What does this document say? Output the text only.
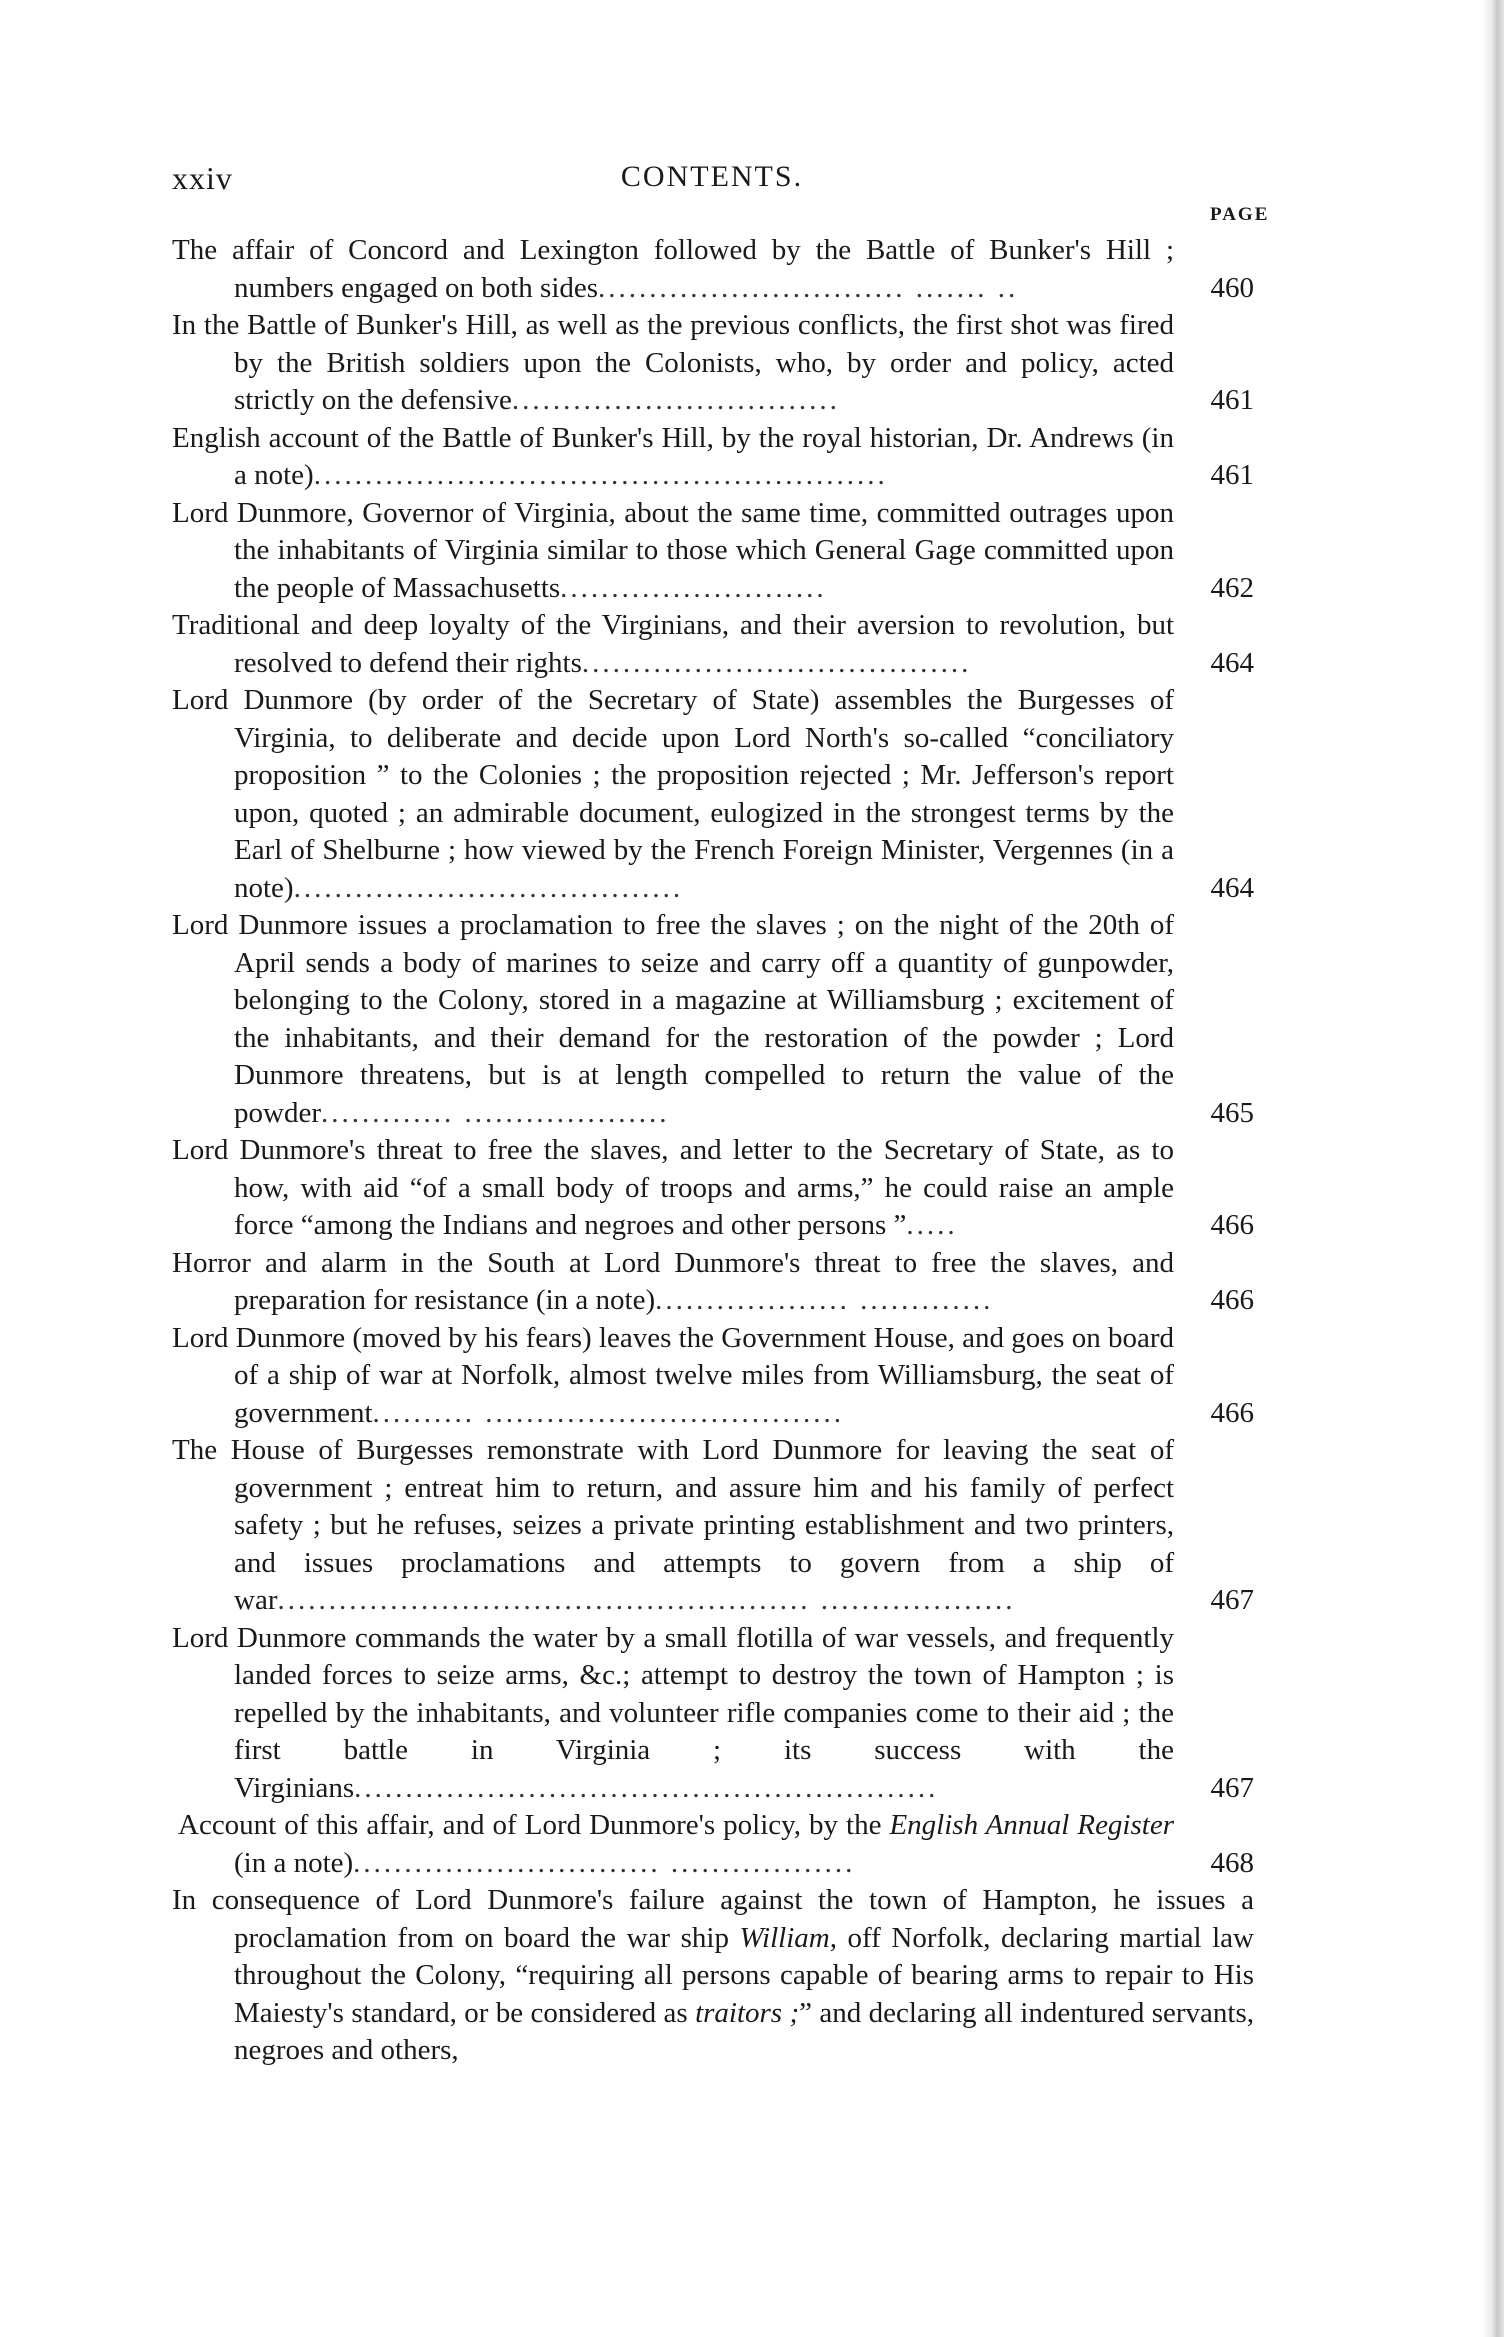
xxiv	CONTENTS.
PAGE
The affair of Concord and Lexington followed by the Battle of Bunker's Hill ; numbers engaged on both sides.............................. ....... ..	460
In the Battle of Bunker's Hill, as well as the previous conflicts, the first shot was fired by the British soldiers upon the Colonists, who, by order and policy, acted strictly on the defensive................................	461
English account of the Battle of Bunker's Hill, by the royal historian, Dr. Andrews (in a note)........................................................	461
Lord Dunmore, Governor of Virginia, about the same time, committed outrages upon the inhabitants of Virginia similar to those which General Gage committed upon the people of Massachusetts..........................	462
Traditional and deep loyalty of the Virginians, and their aversion to revolution, but resolved to defend their rights......................................	464
Lord Dunmore (by order of the Secretary of State) assembles the Burgesses of Virginia, to deliberate and decide upon Lord North's so-called “conciliatory proposition ” to the Colonies ; the proposition rejected ; Mr. Jefferson's report upon, quoted ; an admirable document, eulogized in the strongest terms by the Earl of Shelburne ; how viewed by the French Foreign Minister, Vergennes (in a note)......................................	464
Lord Dunmore issues a proclamation to free the slaves ; on the night of the 20th of April sends a body of marines to seize and carry off a quantity of gunpowder, belonging to the Colony, stored in a magazine at Williamsburg ; excitement of the inhabitants, and their demand for the restoration of the powder ; Lord Dunmore threatens, but is at length compelled to return the value of the powder............. ....................	465
Lord Dunmore's threat to free the slaves, and letter to the Secretary of State, as to how, with aid “of a small body of troops and arms,” he could raise an ample force “among the Indians and negroes and other persons ”.....	466
Horror and alarm in the South at Lord Dunmore's threat to free the slaves, and preparation for resistance (in a note)................... .............	466
Lord Dunmore (moved by his fears) leaves the Government House, and goes on board of a ship of war at Norfolk, almost twelve miles from Williamsburg, the seat of government.......... ...................................	466
The House of Burgesses remonstrate with Lord Dunmore for leaving the seat of government ; entreat him to return, and assure him and his family of perfect safety ; but he refuses, seizes a private printing establishment and two printers, and issues proclamations and attempts to govern from a ship of war.................................................... ...................	467
Lord Dunmore commands the water by a small flotilla of war vessels, and frequently landed forces to seize arms, &c.; attempt to destroy the town of Hampton ; is repelled by the inhabitants, and volunteer rifle companies come to their aid ; the first battle in Virginia ; its success with the Virginians.........................................................	467
Account of this affair, and of Lord Dunmore's policy, by the English Annual Register (in a note).............................. ..................	468
In consequence of Lord Dunmore's failure against the town of Hampton, he issues a proclamation from on board the war ship William, off Norfolk, declaring martial law throughout the Colony, “requiring all persons capable of bearing arms to repair to His Maiesty's standard, or be considered as traitors ;” and declaring all indentured servants, negroes and others,
